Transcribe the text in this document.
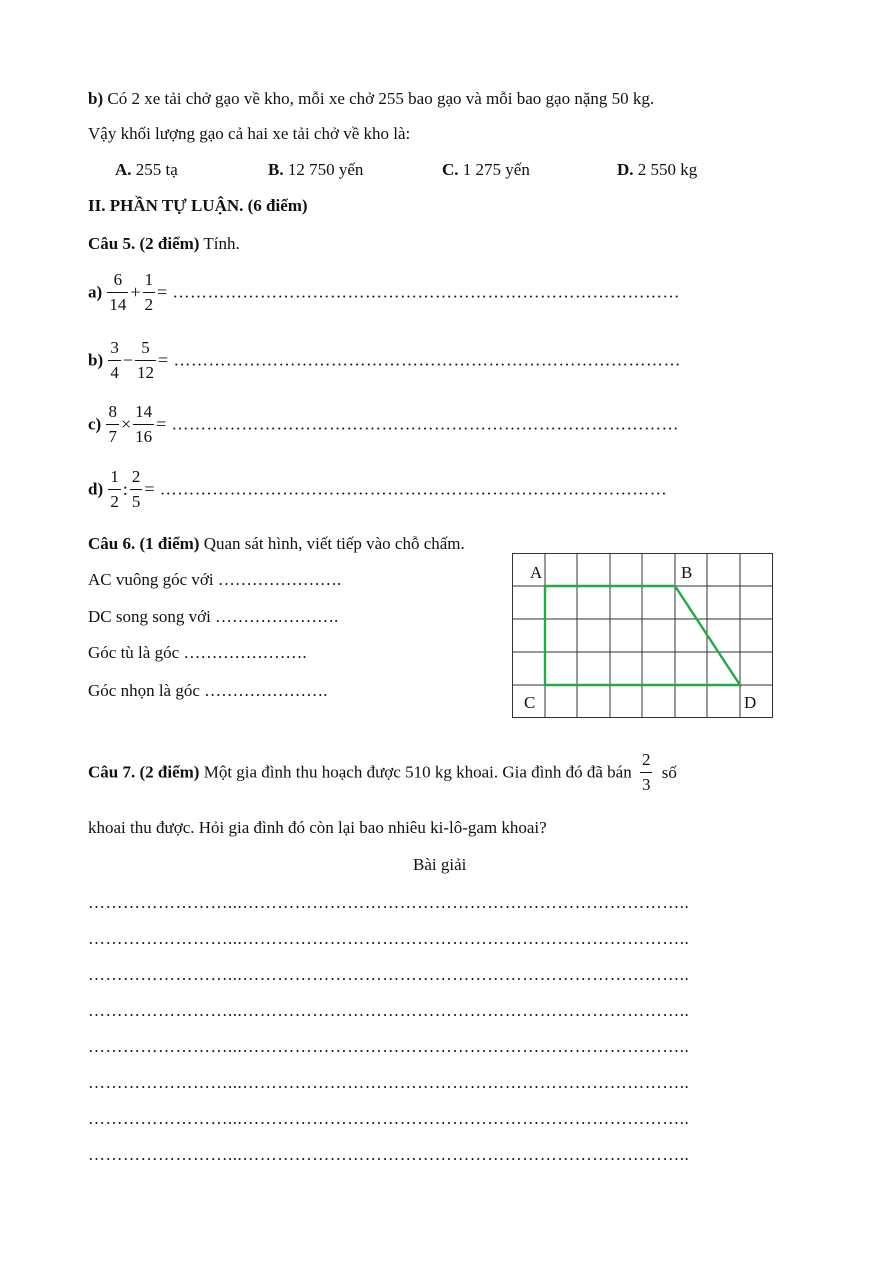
b) Có 2 xe tải chở gạo về kho, mỗi xe chở 255 bao gạo và mỗi bao gạo nặng 50 kg.
Vậy khối lượng gạo cả hai xe tải chở về kho là:
A. 255 tạ	B. 12 750 yến	C. 1 275 yến	D. 2 550 kg
II. PHẦN TỰ LUẬN. (6 điểm)
Câu 5. (2 điểm) Tính.
$a) \frac{6}{14} + \frac{1}{2}$ = ……………………………………………………………………………
$b) \frac{3}{4} - \frac{5}{12}$ = ……………………………………………………………………………
$c) \frac{8}{7} \times \frac{14}{16}$ = ……………………………………………………………………………
$d) \frac{1}{2}$ : $\frac{2}{5}$ = ……………………………………………………………………………
Câu 6. (1 điểm) Quan sát hình, viết tiếp vào chỗ chấm.
AC vuông góc với ………………….
DC song song với ………………….
Góc tù là góc ………………….
Góc nhọn là góc ………………….
A	B
C	D
Câu 7. (2 điểm) Một gia đình thu hoạch được 510 kg khoai. Gia đình đó đã bán $\frac{2}{3}$ số
khoai thu được. Hỏi gia đình đó còn lại bao nhiêu ki-lô-gam khoai?
Bài giải
……………………...…………………………………………………………………..
……………………...…………………………………………………………………..
……………………...…………………………………………………………………..
……………………...…………………………………………………………………..
……………………...…………………………………………………………………..
……………………...…………………………………………………………………..
……………………...…………………………………………………………………..
……………………...…………………………………………………………………..
